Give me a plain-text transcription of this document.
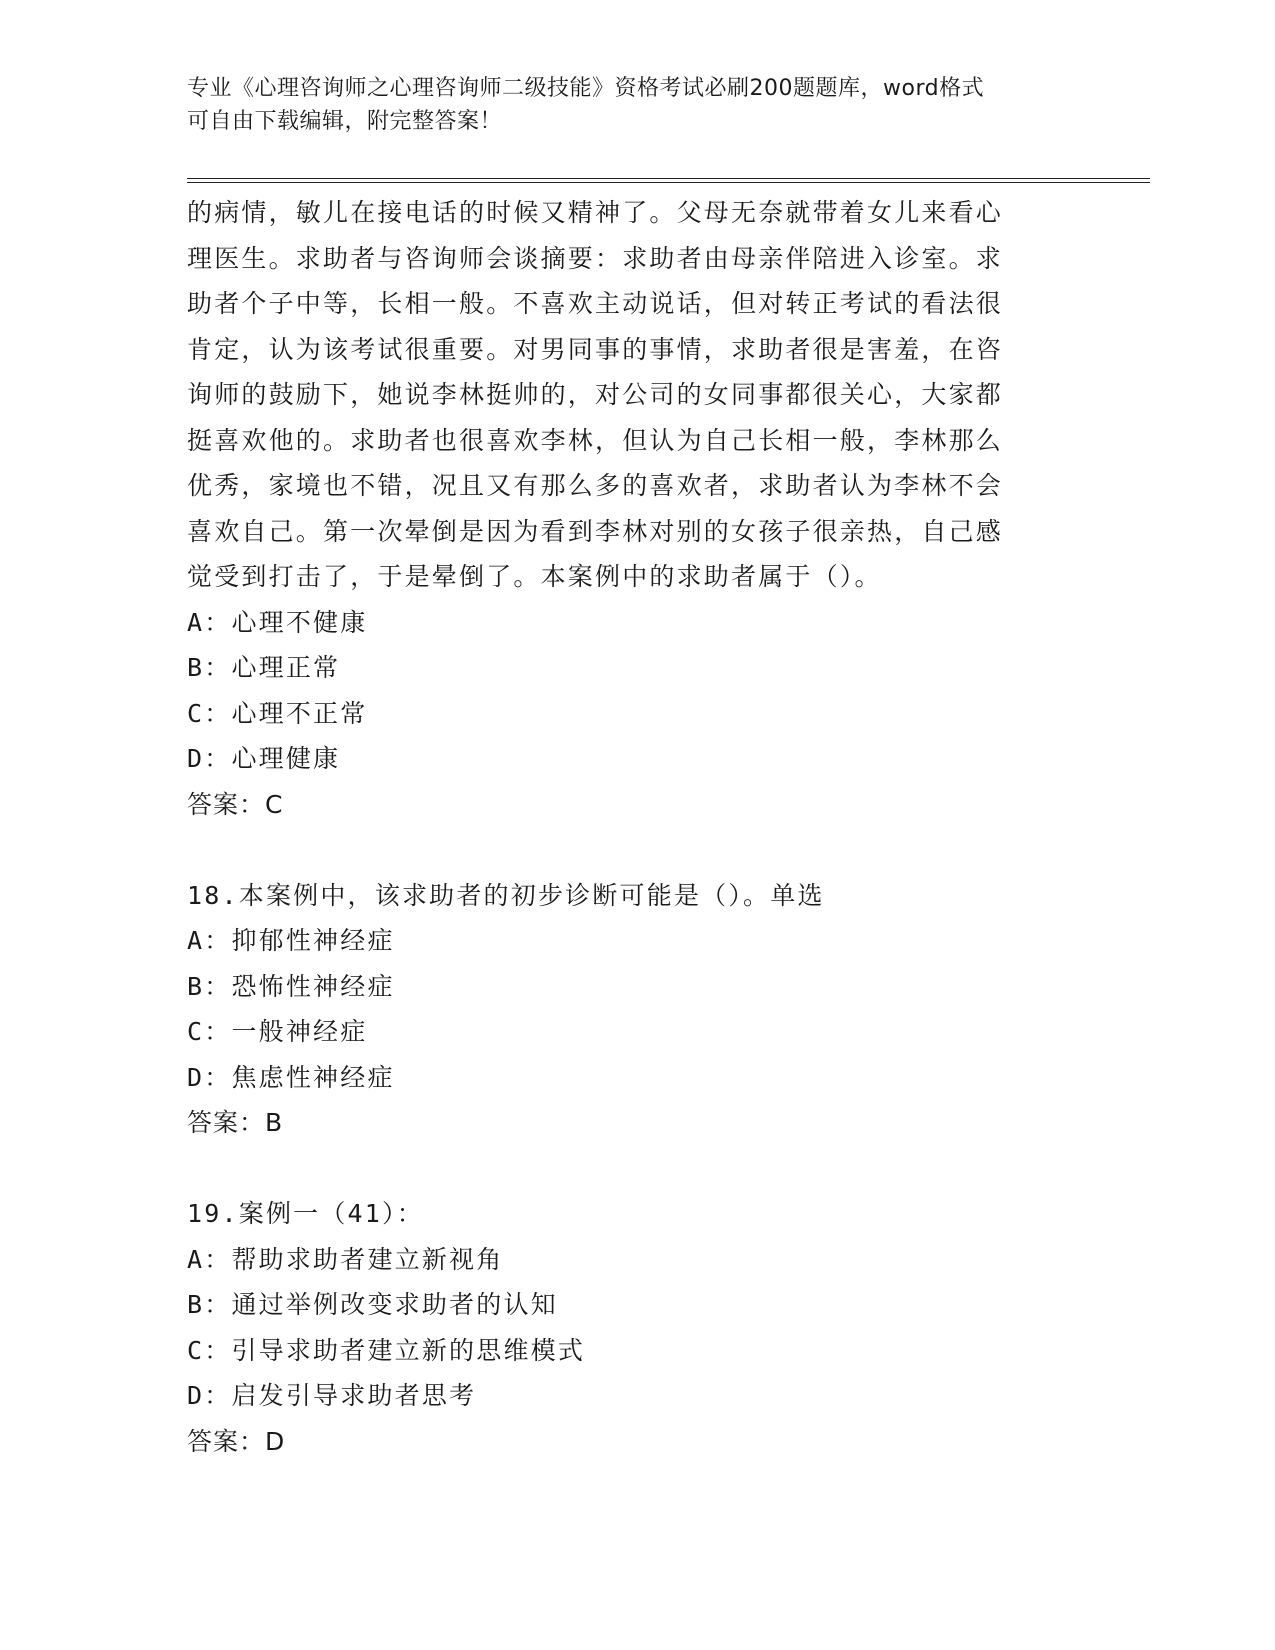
专业《心理咨询师之心理咨询师二级技能》资格考试必刷200题题库，word格式
可自由下载编辑，附完整答案！

的病情，敏儿在接电话的时候又精神了。父母无奈就带着女儿来看心

理医生。求助者与咨询师会谈摘要：求助者由母亲伴陪进入诊室。求

助者个子中等，长相一般。不喜欢主动说话，但对转正考试的看法很

肯定，认为该考试很重要。对男同事的事情，求助者很是害羞，在咨

询师的鼓励下，她说李林挺帅的，对公司的女同事都很关心，大家都

挺喜欢他的。求助者也很喜欢李林，但认为自己长相一般，李林那么

优秀，家境也不错，况且又有那么多的喜欢者，求助者认为李林不会

喜欢自己。第一次晕倒是因为看到李林对别的女孩子很亲热，自己感

觉受到打击了，于是晕倒了。本案例中的求助者属于（）。

A：心理不健康
B：心理正常
C：心理不正常
D：心理健康
答案：C
18.本案例中，该求助者的初步诊断可能是（）。单选
A：抑郁性神经症
B：恐怖性神经症
C：一般神经症
D：焦虑性神经症
答案：B
19.案例一（41）：
A：帮助求助者建立新视角
B：通过举例改变求助者的认知
C：引导求助者建立新的思维模式
D：启发引导求助者思考
答案：D
